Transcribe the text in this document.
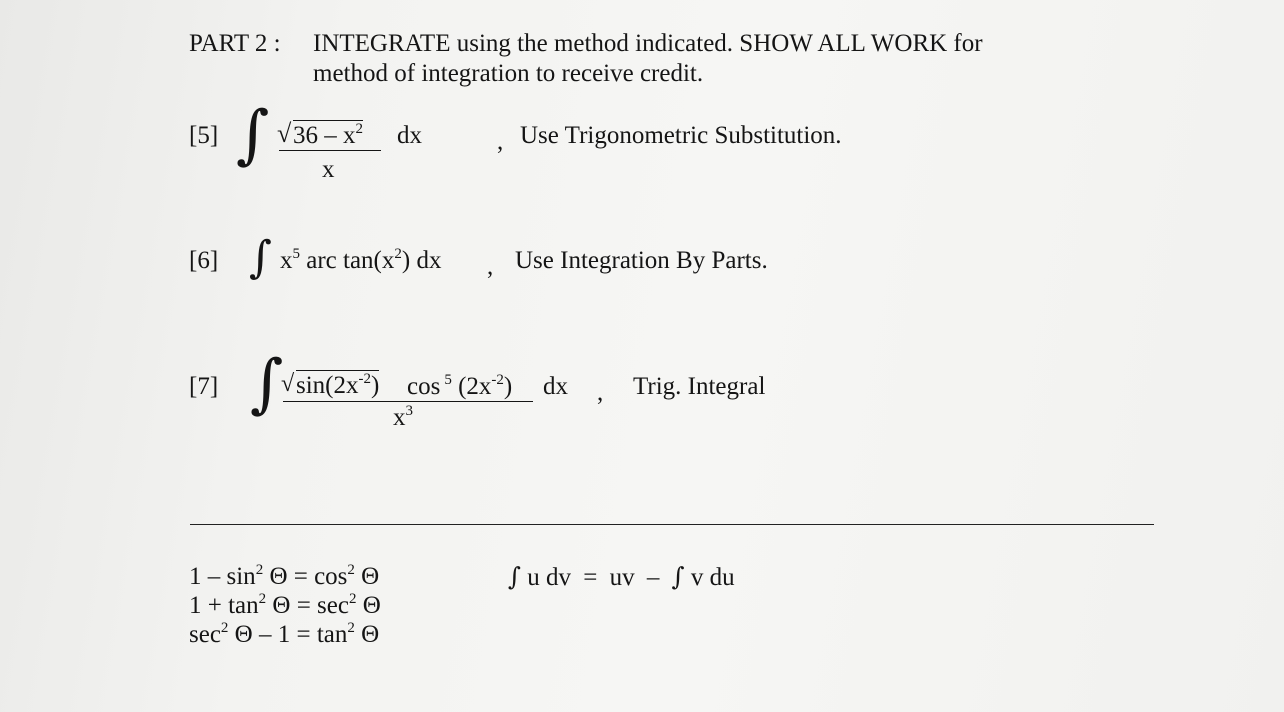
PART 2 : INTEGRATE using the method indicated. SHOW ALL WORK for
method of integration to receive credit.
[5] ∫ √ $36 - x^2$
x
dx	, Use Trigonometric Substitution.
[6] ∫ $x^5$ arc $\tan(x^2)$ dx , Use Integration By Parts.
[7] ∫
√ $\sin(2x^{-2})$ cos $^5$ $(2x^{-2})$
$x^3$
dx , Trig. Integral
$1 - \sin^2 \Theta = \cos^2 \Theta$
$1 + \tan^2 \Theta = \sec^2 \Theta$
$\sec^2 \Theta - 1 = \tan^2 \Theta$
∫ u dv = uv – ∫ v du
